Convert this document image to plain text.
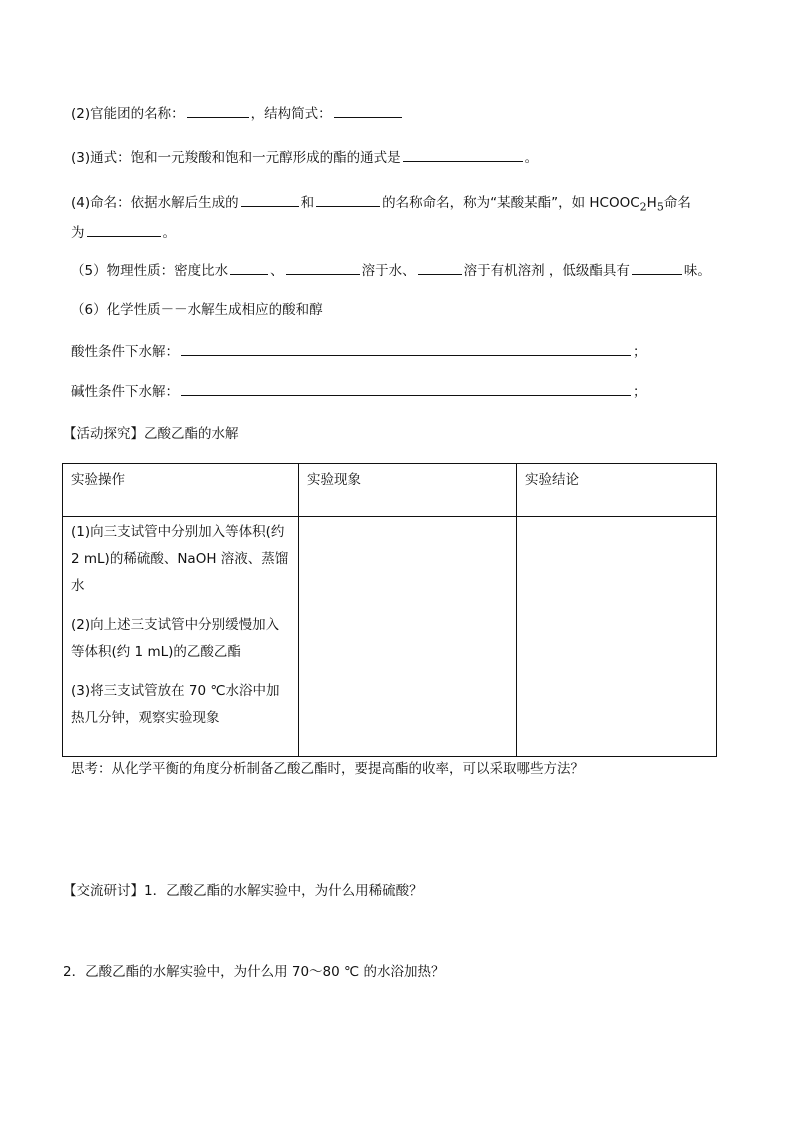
(2)官能团的名称：	，结构简式：
(3)通式：饱和一元羧酸和饱和一元醇形成的酯的通式是	。
(4)命名：依据水解后生成的	和	的名称命名，称为“某酸某酯”，如 $HCOOC_2H_5$命名
为	。
（5）物理性质：密度比水	、	溶于水、	溶于有机溶剂 ，低级酯具有	味。
（6）化学性质－－水解生成相应的酸和醇
酸性条件下水解：	；
碱性条件下水解：	；
【活动探究】乙酸乙酯的水解
实验操作	实验现象	实验结论

(1)向三支试管中分别加入等体积(约 2 mL)的稀硫酸、NaOH 溶液、蒸馏水

(2)向上述三支试管中分别缓慢加入等体积(约 1 mL)的乙酸乙酯

(3)将三支试管放在 70 ℃水浴中加热几分钟，观察实验现象		

思考：从化学平衡的角度分析制备乙酸乙酯时，要提高酯的收率，可以采取哪些方法？
【交流研讨】1．乙酸乙酯的水解实验中，为什么用稀硫酸？
2．乙酸乙酯的水解实验中，为什么用 70～80 ℃ 的水浴加热？
